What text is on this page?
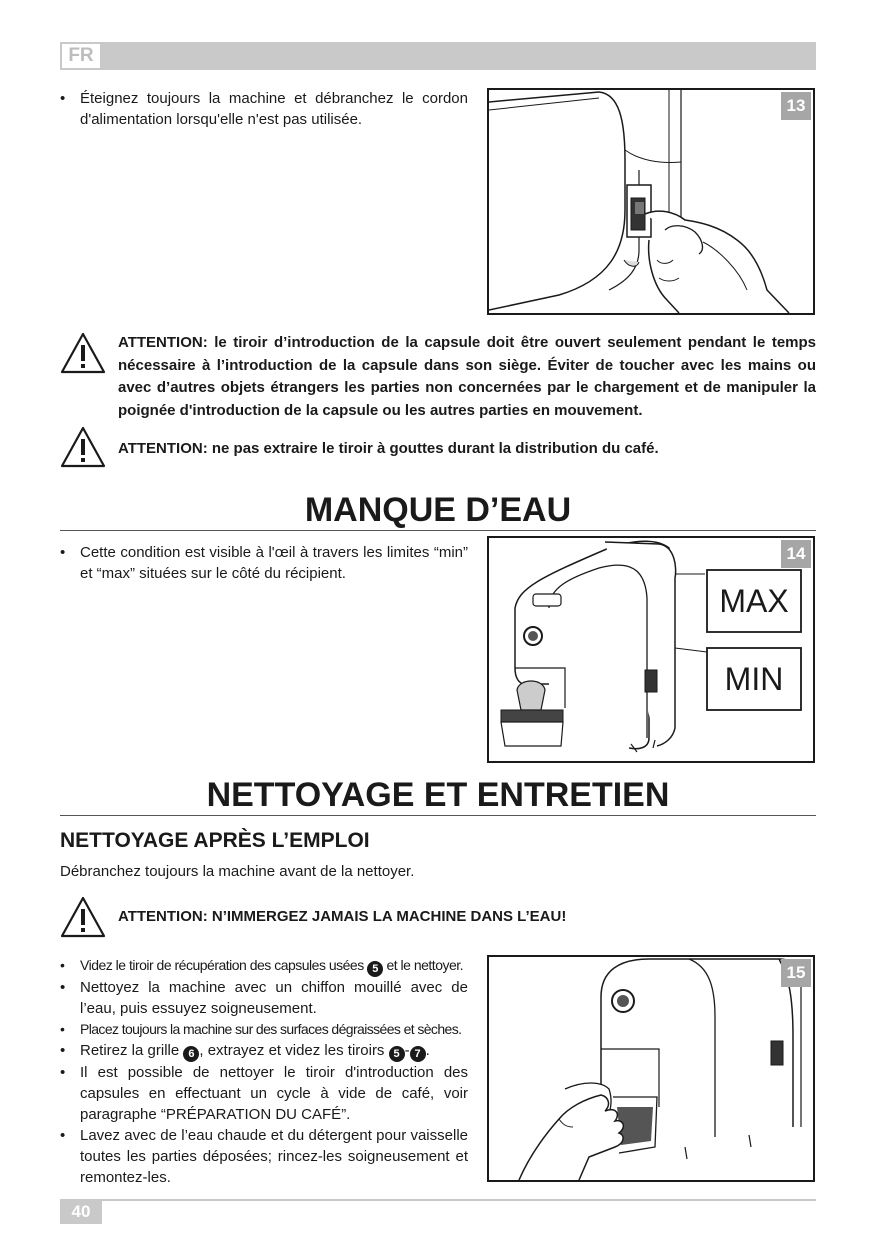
FR
• Éteignez toujours la machine et débranchez le cordon d'alimentation lorsqu'elle n'est pas utilisée.
13
ATTENTION: le tiroir d’introduction de la capsule doit être ouvert seulement pendant le temps nécessaire à l’introduction de la capsule dans son siège. Éviter de toucher avec les mains ou avec d’autres objets étrangers les parties non concernées par le chargement et de manipuler la poignée d'introduction de la capsule ou les autres parties en mouvement.
ATTENTION: ne pas extraire le tiroir à gouttes durant la distribution du café.
MANQUE D’EAU
• Cette condition est visible à l'œil à travers les limites “min” et “max” situées sur le côté du récipient.
MAX
MIN
14
NETTOYAGE ET ENTRETIEN
NETTOYAGE APRÈS L’EMPLOI
Débranchez toujours la machine avant de la nettoyer.
ATTENTION: N’IMMERGEZ JAMAIS LA MACHINE DANS L’EAU!
• Videz le tiroir de récupération des capsules usées 5 et le nettoyer.
• Nettoyez la machine avec un chiffon mouillé avec de l’eau, puis essuyez soigneusement.
• Placez toujours la machine sur des surfaces dégraissées et sèches.
• Retirez la grille 6 , extrayez et videz les tiroirs 5 - 7 .
• Il est possible de nettoyer le tiroir d'introduction des capsules en effectuant un cycle à vide de café, voir paragraphe “PRÉPARATION DU CAFÉ”.
• Lavez avec de l’eau chaude et du détergent pour vaisselle toutes les parties déposées; rincez-les soigneusement et remontez-les.
15
40
